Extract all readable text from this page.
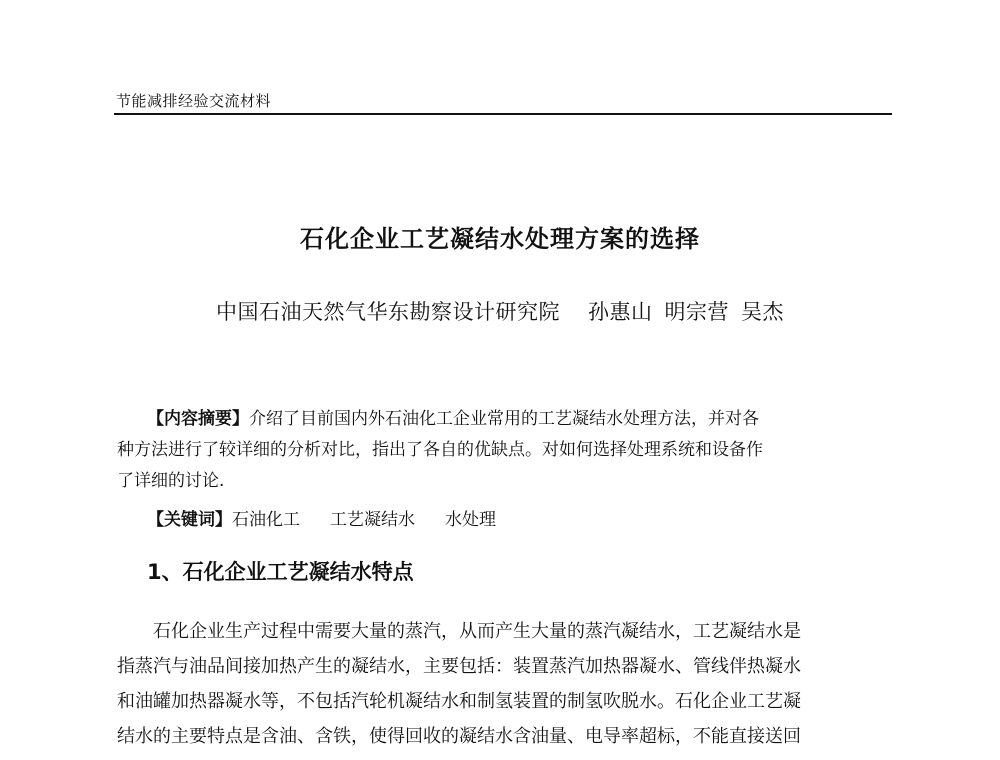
节能减排经验交流材料
石化企业工艺凝结水处理方案的选择
中国石油天然气华东勘察设计研究院 孙惠山 明宗营 吴杰
【内容摘要】介绍了目前国内外石油化工企业常用的工艺凝结水处理方法，并对各
种方法进行了较详细的分析对比，指出了各自的优缺点。对如何选择处理系统和设备作
了详细的讨论.
【关键词】石油化工 工艺凝结水 水处理
1、石化企业工艺凝结水特点
石化企业生产过程中需要大量的蒸汽，从而产生大量的蒸汽凝结水，工艺凝结水是
指蒸汽与油品间接加热产生的凝结水，主要包括：装置蒸汽加热器凝水、管线伴热凝水
和油罐加热器凝水等，不包括汽轮机凝结水和制氢装置的制氢吹脱水。石化企业工艺凝
结水的主要特点是含油、含铁，使得回收的凝结水含油量、电导率超标，不能直接送回
